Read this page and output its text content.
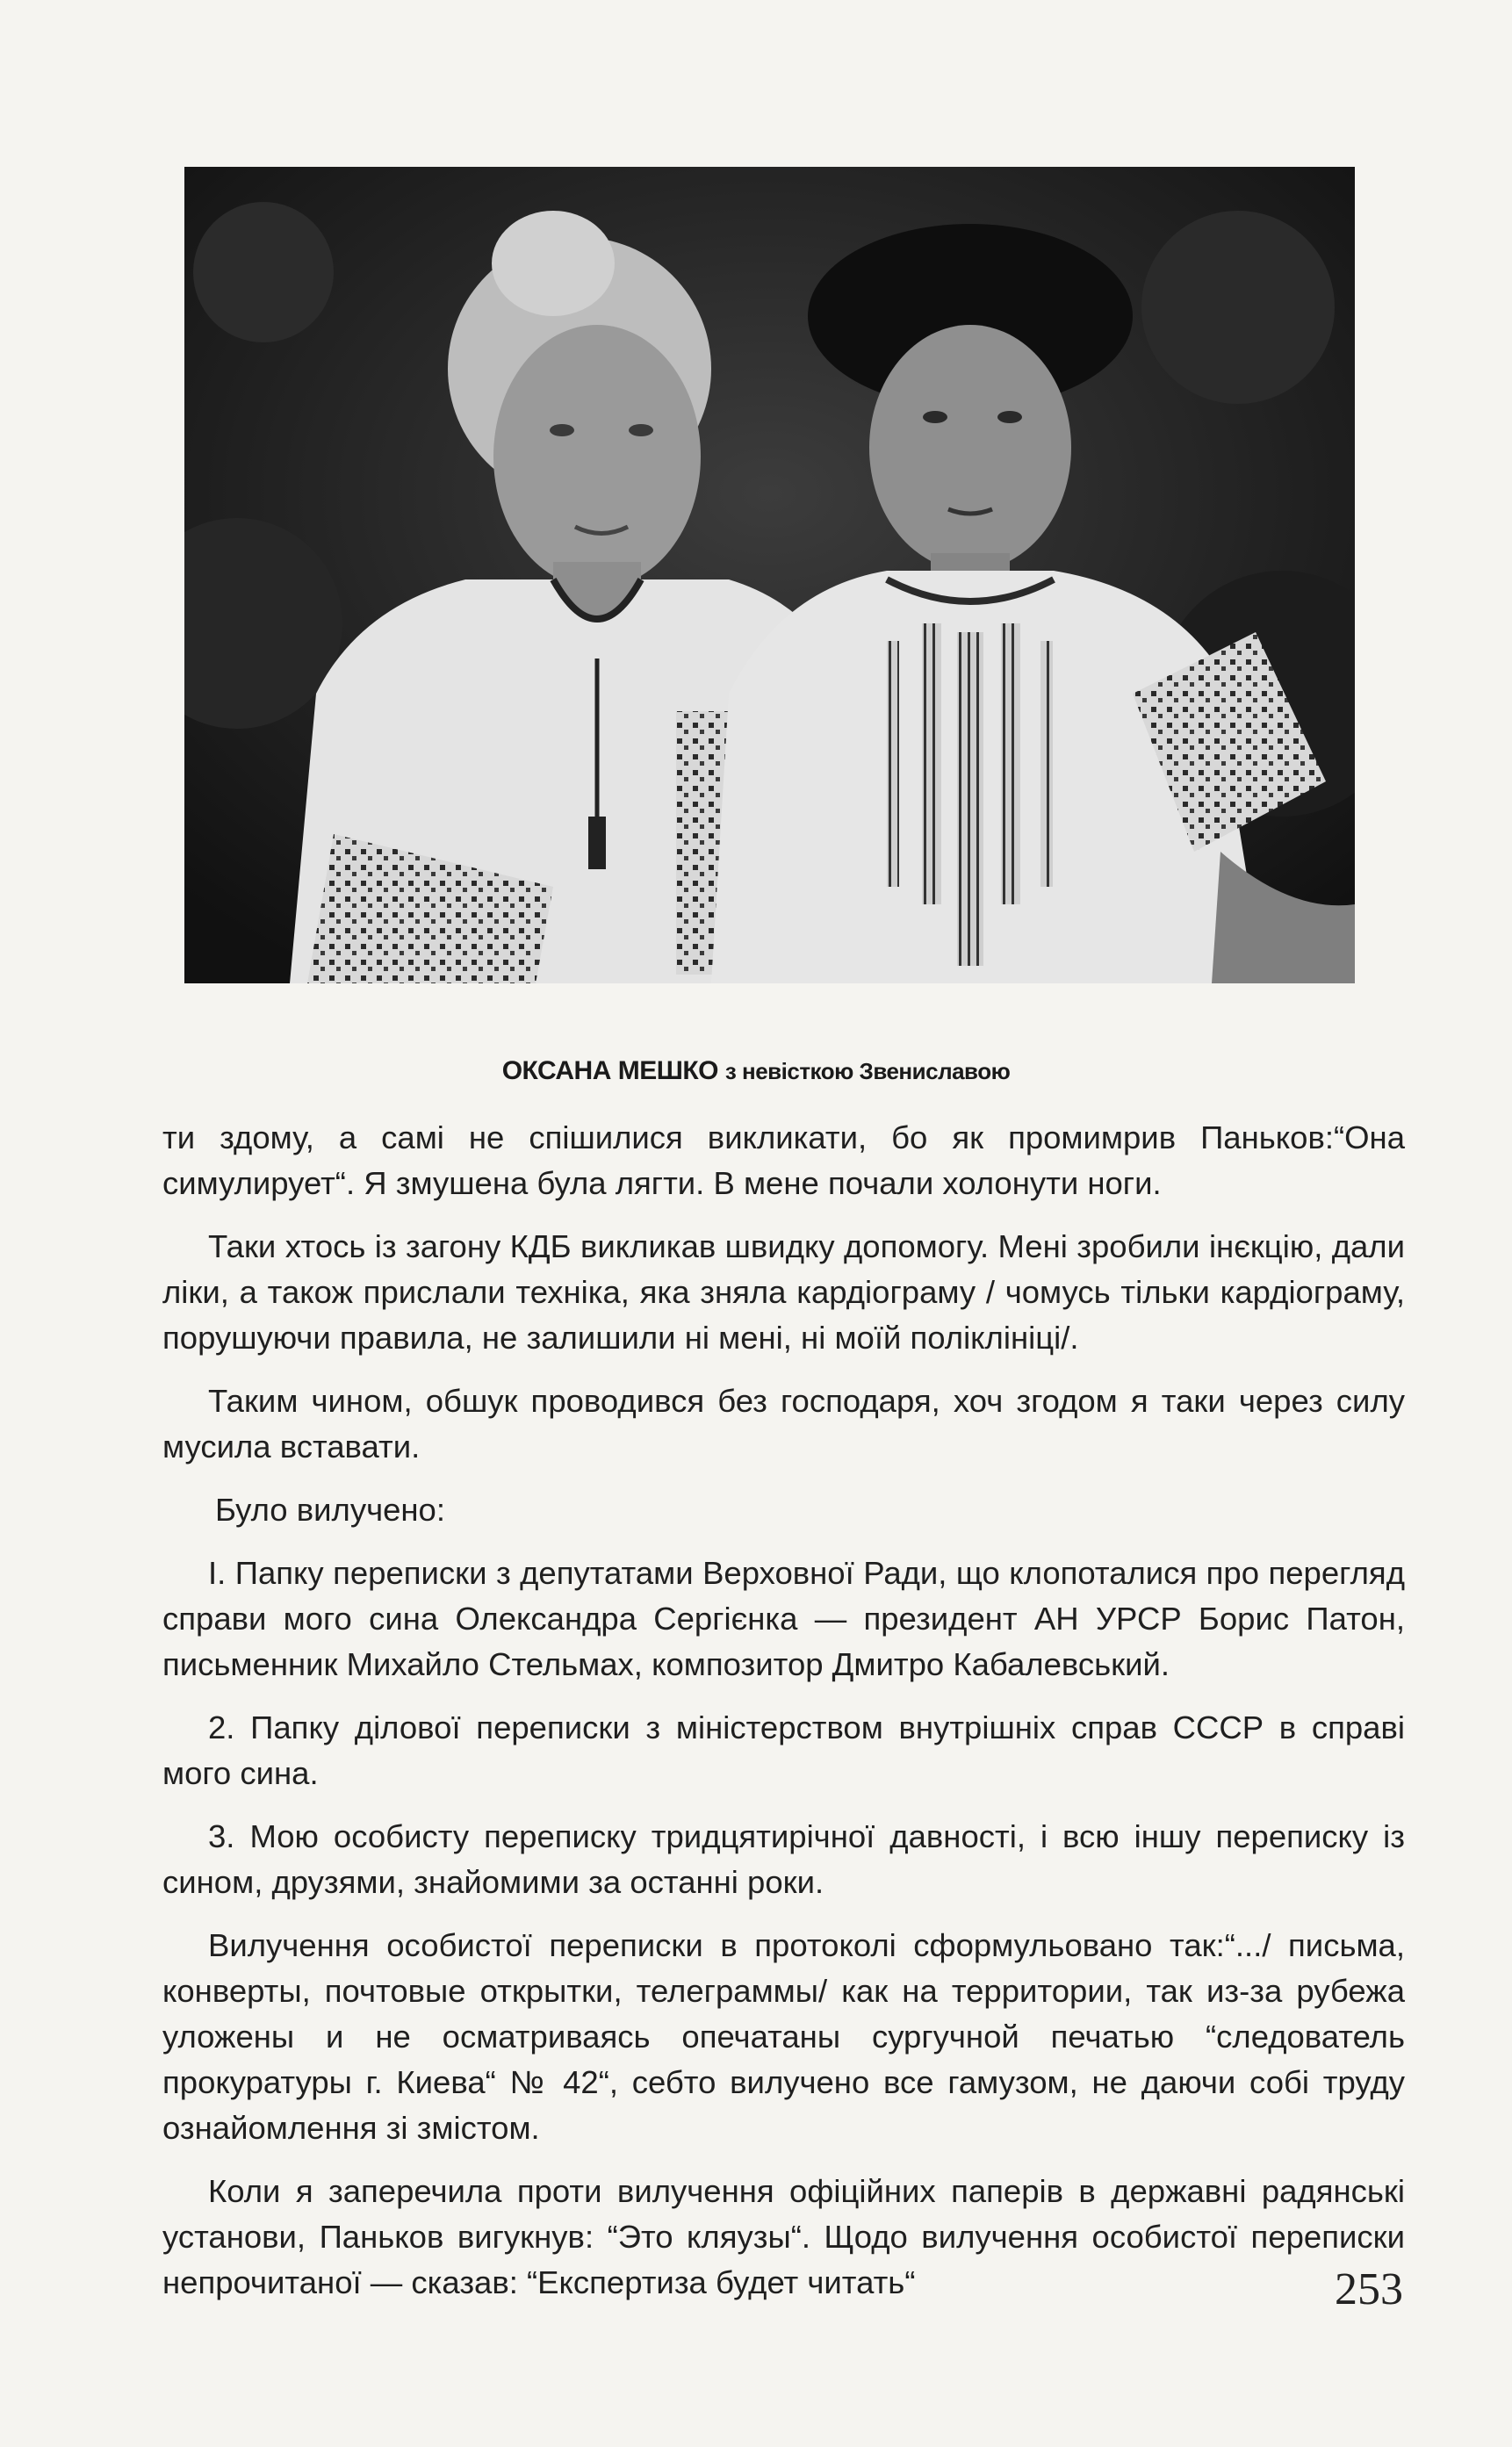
ОКСАНА МЕШКО з невісткою Звениславою

ти здому, а самі не спішилися викликати, бо як промимрив Паньков:“Она симулирует“. Я змушена була лягти. В мене почали холонути ноги.

Таки хтось із загону КДБ викликав швидку допомогу. Мені зробили інєкцію, дали ліки, а також прислали техніка, яка зняла кардіограму / чомусь тільки кардіограму, порушуючи правила, не залишили ні мені, ні моїй поліклініці/.

Таким чином, обшук проводився без господаря, хоч згодом я таки через силу мусила вставати.

Було вилучено:

І. Папку переписки з депутатами Верховної Ради, що клопоталися про перегляд справи мого сина Олександра Сергієнка — президент АН УРСР Борис Патон, письменник Михайло Стельмах, композитор Дмитро Кабалевський.

2. Папку ділової переписки з міністерством внутрішніх справ СССР в справі мого сина.

3. Мою особисту переписку тридцятирічної давності, і всю іншу переписку із сином, друзями, знайомими за останні роки.

Вилучення особистої переписки в протоколі сформульовано так:“.../ письма, конверты, почтовые открытки, телеграммы/ как на территории, так из-за рубежа уложены и не осматриваясь опечатаны сургучной печатью “следователь прокуратуры г. Киева“ № 42“, себто вилучено все гамузом, не даючи собі труду ознайомлення зі змістом.

Коли я заперечила проти вилучення офіційних паперів в державні радянські установи, Паньков вигукнув: “Это кляузы“. Щодо вилучення особистої переписки непрочитаної — сказав: “Експертиза будет читать“	253
